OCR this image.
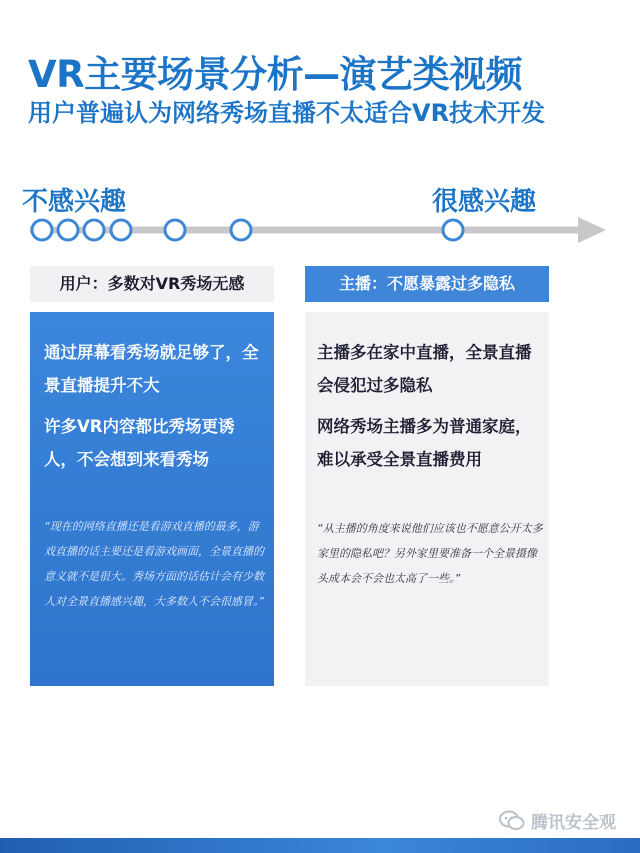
VR主要场景分析—演艺类视频
用户普遍认为网络秀场直播不太适合VR技术开发
不感兴趣	很感兴趣
用户：多数对VR秀场无感	主播：不愿暴露过多隐私

通过屏幕看秀场就足够了，全景直播提升不大

许多VR内容都比秀场更诱人，不会想到来看秀场

“现在的网络直播还是看游戏直播的最多，游戏直播的话主要还是看游戏画面，全景直播的意义就不是很大。秀场方面的话估计会有少数人对全景直播感兴趣，大多数人不会很感冒。”

主播多在家中直播，全景直播会侵犯过多隐私

网络秀场主播多为普通家庭，难以承受全景直播费用

“从主播的角度来说他们应该也不愿意公开太多家里的隐私吧？另外家里要准备一个全景摄像头成本会不会也太高了一些。”

腾讯安全观
